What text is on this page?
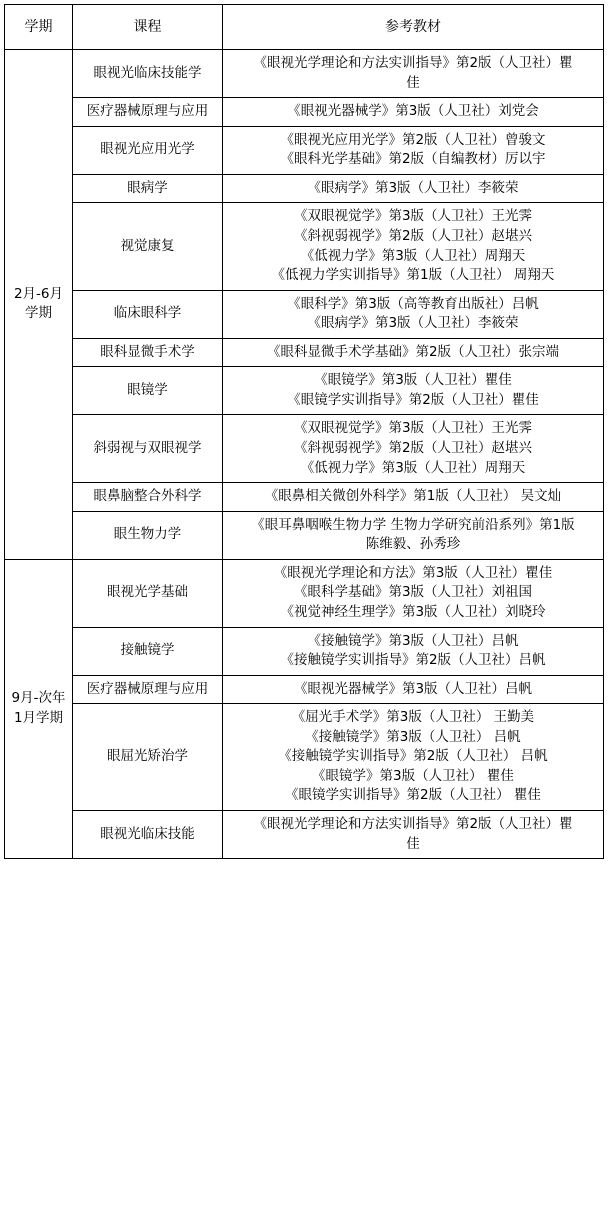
学期	课程	参考教材

2月-6月
学期	眼视光临床技能学	《眼视光学理论和方法实训指导》第2版（人卫社）瞿
佳

	医疗器械原理与应用	《眼视光器械学》第3版（人卫社）刘党会

	眼视光应用光学	《眼视光应用光学》第2版（人卫社）曾骏文
《眼科光学基础》第2版（自编教材）厉以宇

	眼病学	《眼病学》第3版（人卫社）李筱荣

	视觉康复	《双眼视觉学》第3版（人卫社）王光霁
《斜视弱视学》第2版（人卫社）赵堪兴
《低视力学》第3版（人卫社）周翔天
《低视力学实训指导》第1版（人卫社） 周翔天

	临床眼科学	《眼科学》第3版（高等教育出版社）吕帆
《眼病学》第3版（人卫社）李筱荣

	眼科显微手术学	《眼科显微手术学基础》第2版（人卫社）张宗端

	眼镜学	《眼镜学》第3版（人卫社）瞿佳
《眼镜学实训指导》第2版（人卫社）瞿佳

	斜弱视与双眼视学	《双眼视觉学》第3版（人卫社）王光霁
《斜视弱视学》第2版（人卫社）赵堪兴
《低视力学》第3版（人卫社）周翔天

	眼鼻脑整合外科学	《眼鼻相关微创外科学》第1版（人卫社） 吴文灿

	眼生物力学	《眼耳鼻咽喉生物力学 生物力学研究前沿系列》第1版
陈维毅、孙秀珍

9月-次年
1月学期	眼视光学基础	《眼视光学理论和方法》第3版（人卫社）瞿佳
《眼科学基础》第3版（人卫社）刘祖国
《视觉神经生理学》第3版（人卫社）刘晓玲

	接触镜学	《接触镜学》第3版（人卫社）吕帆
《接触镜学实训指导》第2版（人卫社）吕帆

	医疗器械原理与应用	《眼视光器械学》第3版（人卫社）吕帆

	眼屈光矫治学	《屈光手术学》第3版（人卫社） 王勤美
《接触镜学》第3版（人卫社） 吕帆
《接触镜学实训指导》第2版（人卫社） 吕帆
《眼镜学》第3版（人卫社） 瞿佳
《眼镜学实训指导》第2版（人卫社） 瞿佳

	眼视光临床技能	《眼视光学理论和方法实训指导》第2版（人卫社）瞿
佳
